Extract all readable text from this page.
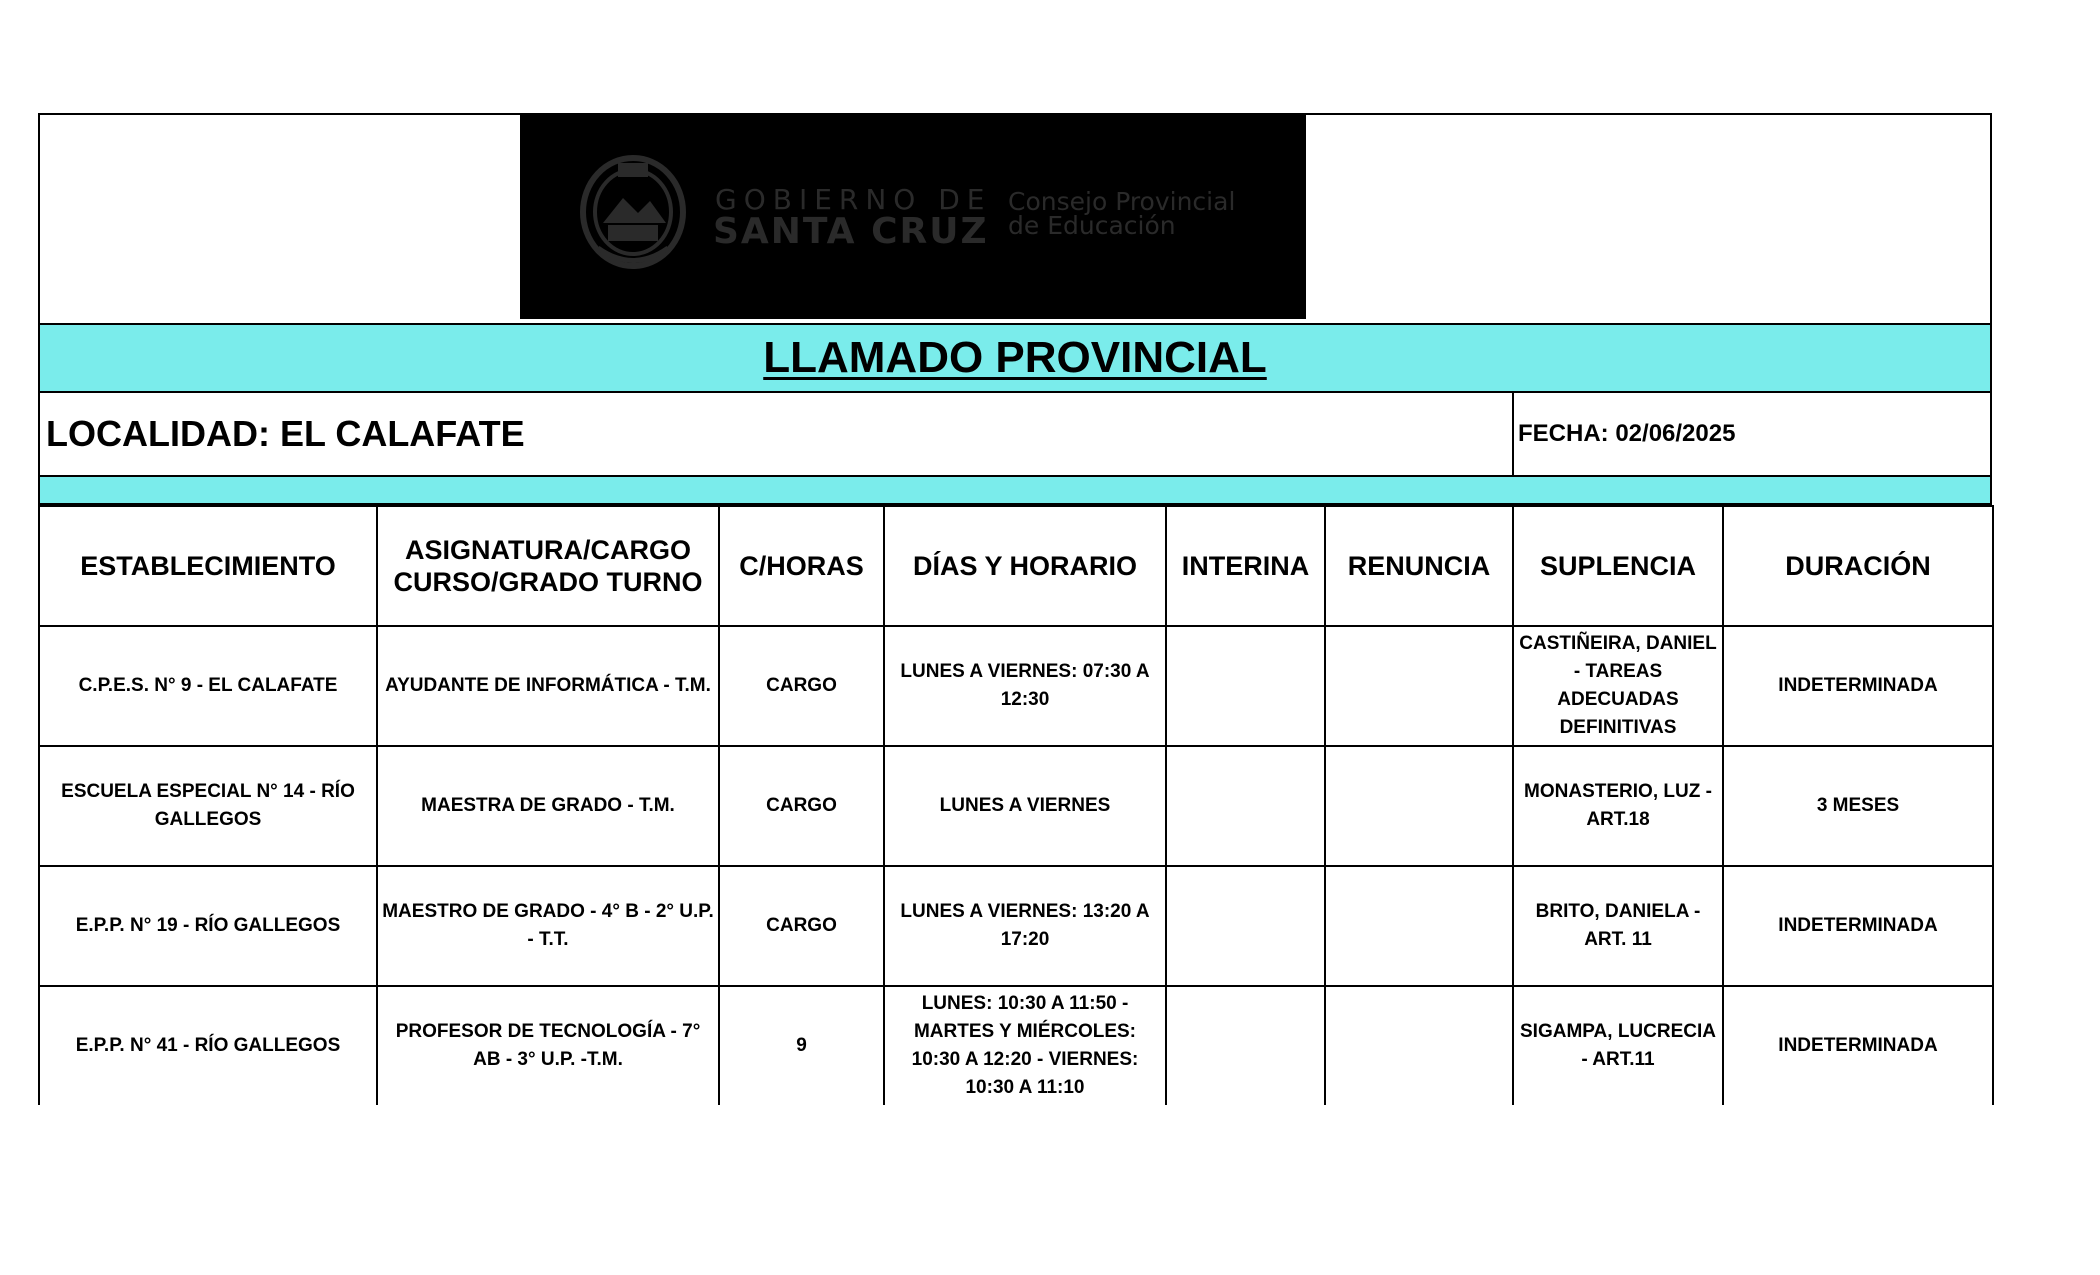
GOBIERNO DE
SANTA CRUZ
Consejo Provincial
de Educación
LLAMADO PROVINCIAL
LOCALIDAD: EL CALAFATE	FECHA: 02/06/2025
ESTABLECIMIENTO	ASIGNATURA/CARGO CURSO/GRADO TURNO	C/HORAS	DÍAS Y HORARIO	INTERINA	RENUNCIA	SUPLENCIA	DURACIÓN
C.P.E.S. N° 9 - EL CALAFATE	AYUDANTE DE INFORMÁTICA - T.M.	CARGO	LUNES A VIERNES: 07:30 A 12:30			CASTIÑEIRA, DANIEL - TAREAS ADECUADAS DEFINITIVAS	INDETERMINADA
ESCUELA ESPECIAL N° 14 - RÍO GALLEGOS	MAESTRA DE GRADO - T.M.	CARGO	LUNES A VIERNES			MONASTERIO, LUZ - ART.18	3 MESES
E.P.P. N° 19 - RÍO GALLEGOS	MAESTRO DE GRADO - 4° B - 2° U.P. - T.T.	CARGO	LUNES A VIERNES: 13:20 A 17:20			BRITO, DANIELA - ART. 11	INDETERMINADA
E.P.P. N° 41 - RÍO GALLEGOS	PROFESOR DE TECNOLOGÍA - 7° AB - 3° U.P. -T.M.	9	LUNES: 10:30 A 11:50 - MARTES Y MIÉRCOLES: 10:30 A 12:20 - VIERNES: 10:30 A 11:10			SIGAMPA, LUCRECIA - ART.11	INDETERMINADA
